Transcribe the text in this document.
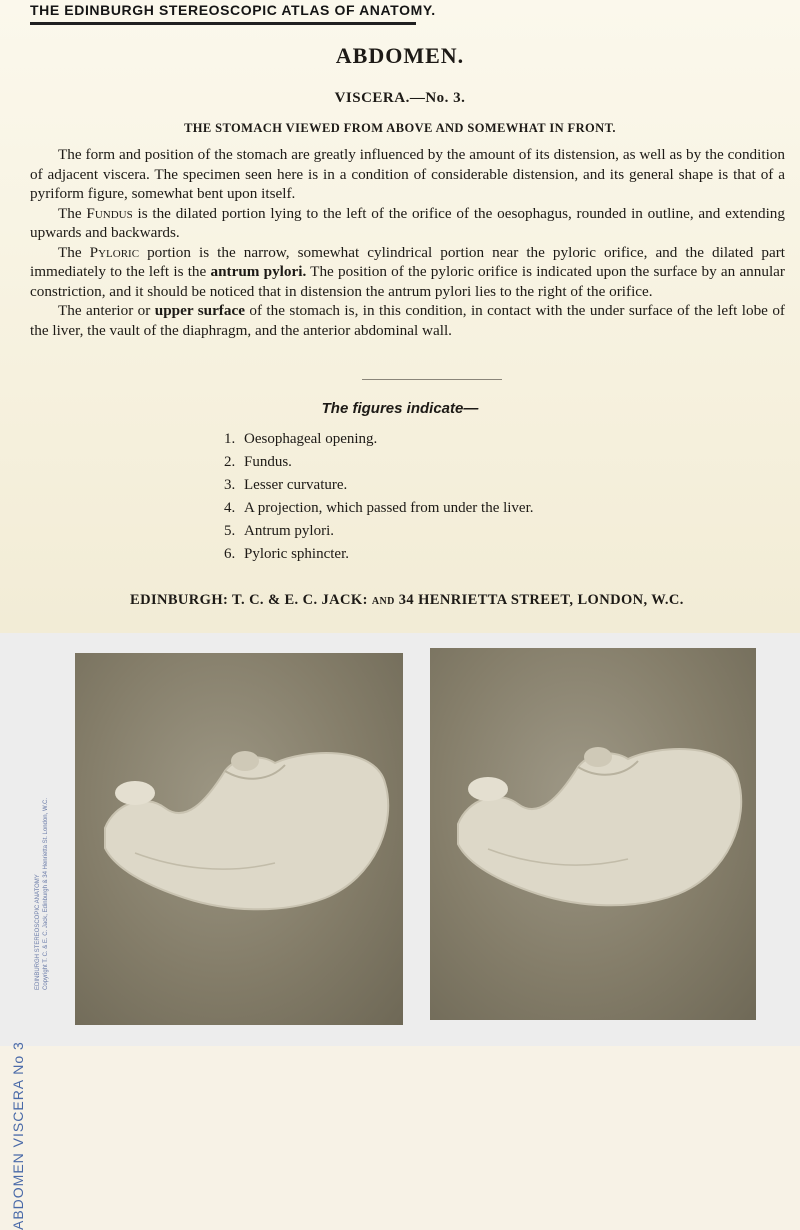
THE EDINBURGH STEREOSCOPIC ATLAS OF ANATOMY.
ABDOMEN.
VISCERA.—No. 3.
THE STOMACH VIEWED FROM ABOVE AND SOMEWHAT IN FRONT.

The form and position of the stomach are greatly influenced by the amount of its distension, as well as by the condition of adjacent viscera. The specimen seen here is in a condition of considerable distension, and its general shape is that of a pyriform figure, somewhat bent upon itself.

The Fundus is the dilated portion lying to the left of the orifice of the oesophagus, rounded in outline, and extending upwards and backwards.

The Pyloric portion is the narrow, somewhat cylindrical portion near the pyloric orifice, and the dilated part immediately to the left is the antrum pylori. The position of the pyloric orifice is indicated upon the surface by an annular constriction, and it should be noticed that in distension the antrum pylori lies to the right of the orifice.

The anterior or upper surface of the stomach is, in this condition, in contact with the under surface of the left lobe of the liver, the vault of the diaphragm, and the anterior abdominal wall.

The figures indicate—
1. Oesophageal opening.
2. Fundus.
3. Lesser curvature.
4. A projection, which passed from under the liver.
5. Antrum pylori.
6. Pyloric sphincter.
EDINBURGH: T. C. & E. C. JACK: AND 34 HENRIETTA STREET, LONDON, W.C.
ABDOMEN VISCERA No 3
EDINBURGH STEREOSCOPIC ANATOMY Copyright T. C. & E. C. Jack, Edinburgh & 34 Henrietta St. London, W.C.
